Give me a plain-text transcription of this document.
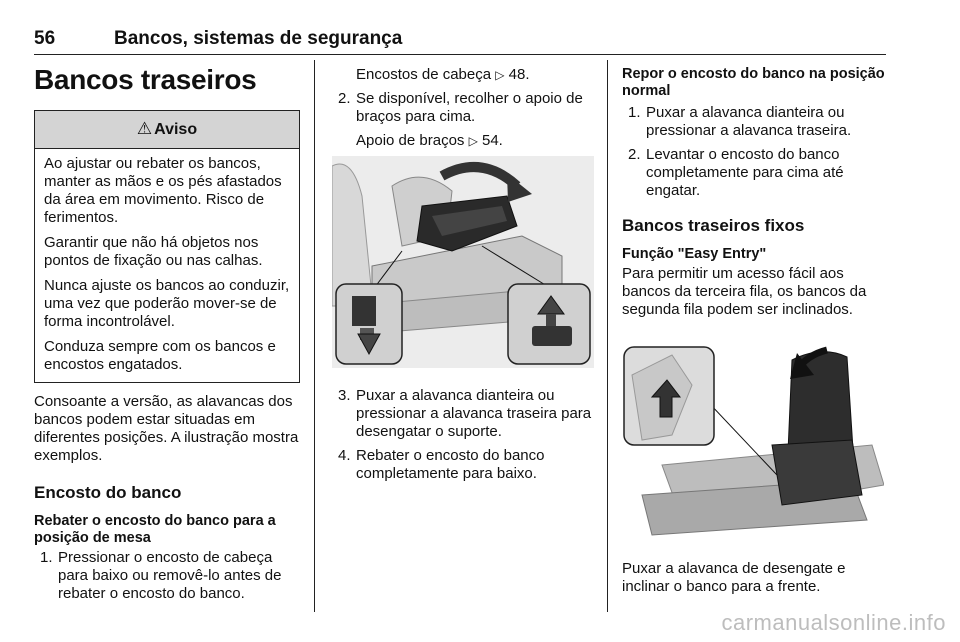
56	Bancos, sistemas de segurança
Bancos traseiros
⚠ Aviso

Ao ajustar ou rebater os bancos, manter as mãos e os pés afastados da área em movimento. Risco de ferimentos.

Garantir que não há objetos nos pontos de fixação ou nas calhas.

Nunca ajuste os bancos ao conduzir, uma vez que poderão mover-se de forma incontrolável.

Conduza sempre com os bancos e encostos engatados.

Consoante a versão, as alavancas dos bancos podem estar situadas em diferentes posições. A ilustração mostra exemplos.

Encosto do banco
Rebater o encosto do banco para a posição de mesa
1. Pressionar o encosto de cabeça para baixo ou removê-lo antes de rebater o encosto do banco.

Encostos de cabeça ▷ 48.

2. Se disponível, recolher o apoio de braços para cima.

Apoio de braços ▷ 54.

3. Puxar a alavanca dianteira ou pressionar a alavanca traseira para desengatar o suporte.
4. Rebater o encosto do banco completamente para baixo.
Repor o encosto do banco na posição normal
1. Puxar a alavanca dianteira ou pressionar a alavanca traseira.
2. Levantar o encosto do banco completamente para cima até engatar.
Bancos traseiros fixos
Função "Easy Entry"

Para permitir um acesso fácil aos bancos da terceira fila, os bancos da segunda fila podem ser inclinados.

Puxar a alavanca de desengate e inclinar o banco para a frente.

carmanualsonline.info
